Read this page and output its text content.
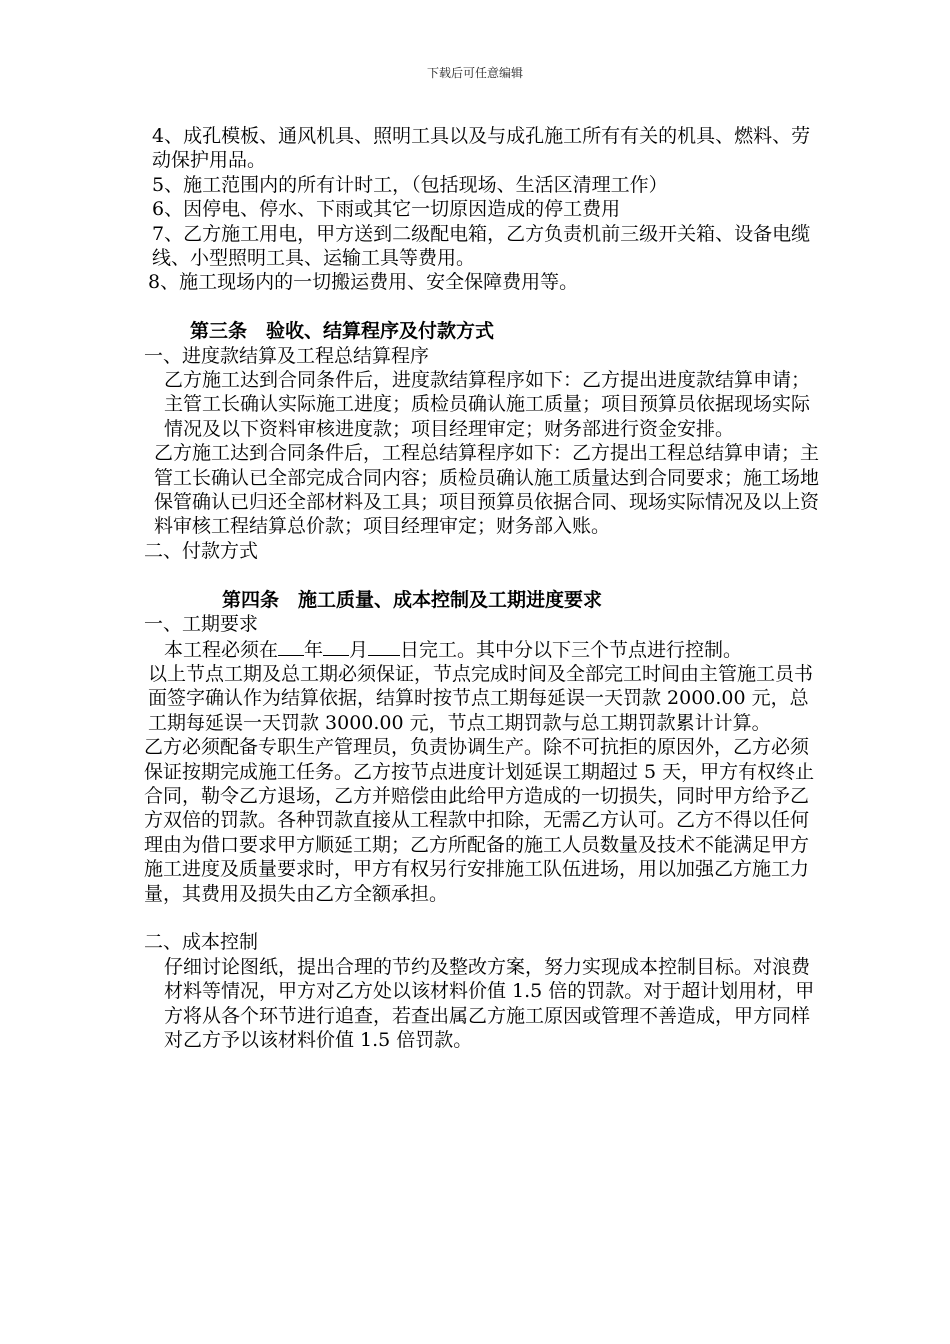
下载后可任意编辑

4、成孔模板、通风机具、照明工具以及与成孔施工所有有关的机具、燃料、劳动保护用品。

5、施工范围内的所有计时工，（包括现场、生活区清理工作）

6、因停电、停水、下雨或其它一切原因造成的停工费用

7、乙方施工用电，甲方送到二级配电箱，乙方负责机前三级开关箱、设备电缆线、小型照明工具、运输工具等费用。

8、施工现场内的一切搬运费用、安全保障费用等。

第三条　验收、结算程序及付款方式

一、进度款结算及工程总结算程序

乙方施工达到合同条件后，进度款结算程序如下：乙方提出进度款结算申请；主管工长确认实际施工进度；质检员确认施工质量；项目预算员依据现场实际情况及以下资料审核进度款；项目经理审定；财务部进行资金安排。

乙方施工达到合同条件后，工程总结算程序如下：乙方提出工程总结算申请；主管工长确认已全部完成合同内容；质检员确认施工质量达到合同要求；施工场地保管确认已归还全部材料及工具；项目预算员依据合同、现场实际情况及以上资料审核工程结算总价款；项目经理审定；财务部入账。

二、付款方式

第四条　施工质量、成本控制及工期进度要求

一、工期要求

本工程必须在 年 月 日完工。其中分以下三个节点进行控制。

以上节点工期及总工期必须保证，节点完成时间及全部完工时间由主管施工员书面签字确认作为结算依据，结算时按节点工期每延误一天罚款 2000.00 元，总工期每延误一天罚款 3000.00 元，节点工期罚款与总工期罚款累计计算。

乙方必须配备专职生产管理员，负责协调生产。除不可抗拒的原因外，乙方必须保证按期完成施工任务。乙方按节点进度计划延误工期超过 5 天，甲方有权终止合同，勒令乙方退场，乙方并赔偿由此给甲方造成的一切损失，同时甲方给予乙方双倍的罚款。各种罚款直接从工程款中扣除，无需乙方认可。乙方不得以任何理由为借口要求甲方顺延工期；乙方所配备的施工人员数量及技术不能满足甲方施工进度及质量要求时，甲方有权另行安排施工队伍进场，用以加强乙方施工力量，其费用及损失由乙方全额承担。

二、成本控制

仔细讨论图纸，提出合理的节约及整改方案，努力实现成本控制目标。对浪费材料等情况，甲方对乙方处以该材料价值 1.5 倍的罚款。对于超计划用材，甲方将从各个环节进行追查，若查出属乙方施工原因或管理不善造成，甲方同样对乙方予以该材料价值 1.5 倍罚款。
